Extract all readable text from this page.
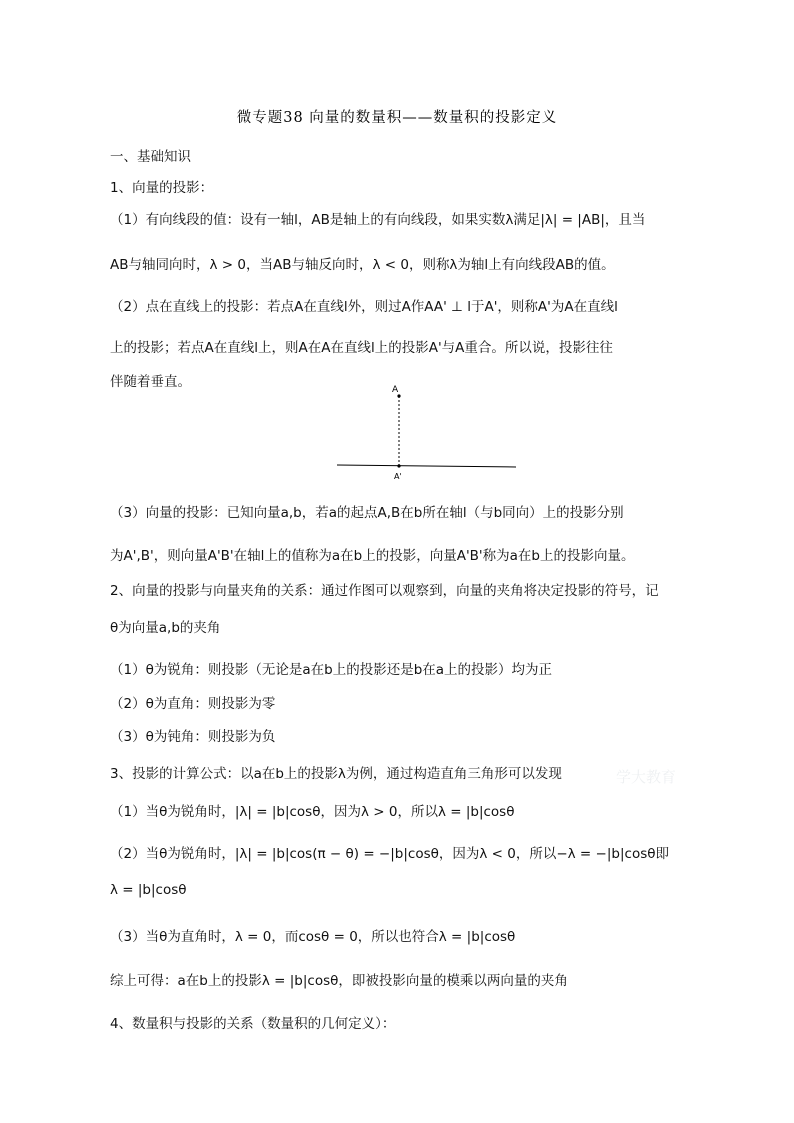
微专题38 向量的数量积——数量积的投影定义
一、基础知识
1、向量的投影：
（1）有向线段的值：设有一轴l，AB是轴上的有向线段，如果实数λ满足|λ| = |AB|，且当
AB与轴同向时，λ > 0，当AB与轴反向时，λ < 0，则称λ为轴l上有向线段AB的值。
（2）点在直线上的投影：若点A在直线l外，则过A作AA' ⊥ l于A'，则称A'为A在直线l
上的投影；若点A在直线l上，则A在A在直线l上的投影A'与A重合。所以说，投影往往
伴随着垂直。	A
A'
（3）向量的投影：已知向量a,b，若a的起点A,B在b所在轴l（与b同向）上的投影分别
为A',B'，则向量A'B'在轴l上的值称为a在b上的投影，向量A'B'称为a在b上的投影向量。
2、向量的投影与向量夹角的关系：通过作图可以观察到，向量的夹角将决定投影的符号，记
θ为向量a,b的夹角
（1）θ为锐角：则投影（无论是a在b上的投影还是b在a上的投影）均为正
（2）θ为直角：则投影为零
（3）θ为钝角：则投影为负
3、投影的计算公式：以a在b上的投影λ为例，通过构造直角三角形可以发现
（1）当θ为锐角时，|λ| = |b|cosθ，因为λ > 0，所以λ = |b|cosθ
（2）当θ为锐角时，|λ| = |b|cos(π − θ) = −|b|cosθ，因为λ < 0，所以−λ = −|b|cosθ即
λ = |b|cosθ
（3）当θ为直角时，λ = 0，而cosθ = 0，所以也符合λ = |b|cosθ
综上可得：a在b上的投影λ = |b|cosθ，即被投影向量的模乘以两向量的夹角
4、数量积与投影的关系（数量积的几何定义）：
学大教育
